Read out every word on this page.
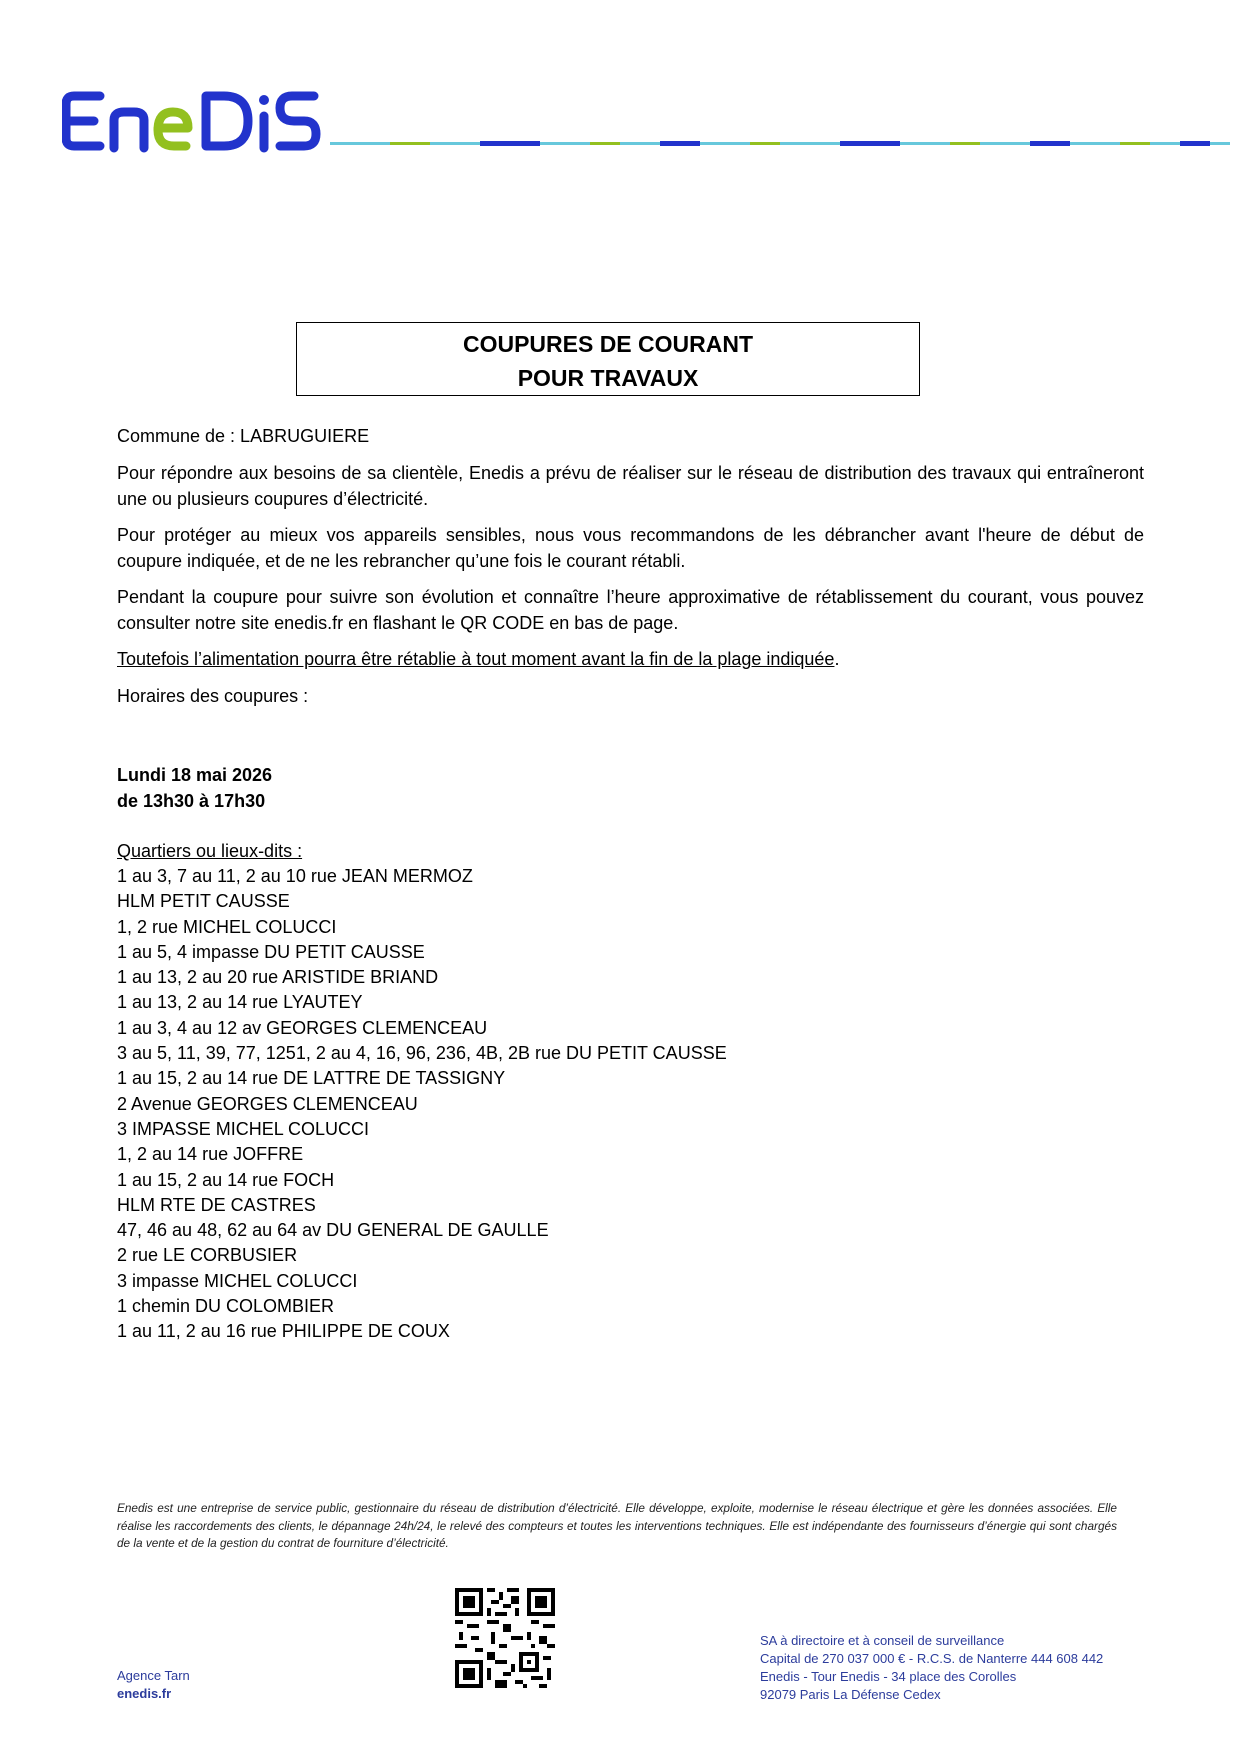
COUPURES DE COURANT
POUR TRAVAUX
Commune de : LABRUGUIERE
Pour répondre aux besoins de sa clientèle, Enedis a prévu de réaliser sur le réseau de distribution des travaux qui entraîneront une ou plusieurs coupures d’électricité.
Pour protéger au mieux vos appareils sensibles, nous vous recommandons de les débrancher avant l'heure de début de coupure indiquée, et de ne les rebrancher qu’une fois le courant rétabli.
Pendant la coupure pour suivre son évolution et connaître l’heure approximative de rétablissement du courant, vous pouvez consulter notre site enedis.fr en flashant le QR CODE en bas de page.
Toutefois l’alimentation pourra être rétablie à tout moment avant la fin de la plage indiquée.
Horaires des coupures :
Lundi 18 mai 2026
de 13h30 à 17h30
Quartiers ou lieux-dits :
1 au 3, 7 au 11, 2 au 10 rue JEAN MERMOZ
HLM PETIT CAUSSE
1, 2 rue MICHEL COLUCCI
1 au 5, 4 impasse DU PETIT CAUSSE
1 au 13, 2 au 20 rue ARISTIDE BRIAND
1 au 13, 2 au 14 rue LYAUTEY
1 au 3, 4 au 12 av GEORGES CLEMENCEAU
3 au 5, 11, 39, 77, 1251, 2 au 4, 16, 96, 236, 4B, 2B rue DU PETIT CAUSSE
1 au 15, 2 au 14 rue DE LATTRE DE TASSIGNY
2 Avenue GEORGES CLEMENCEAU
3 IMPASSE MICHEL COLUCCI
1, 2 au 14 rue JOFFRE
1 au 15, 2 au 14 rue FOCH
HLM RTE DE CASTRES
47, 46 au 48, 62 au 64 av DU GENERAL DE GAULLE
2 rue LE CORBUSIER
3 impasse MICHEL COLUCCI
1 chemin DU COLOMBIER
1 au 11, 2 au 16 rue PHILIPPE DE COUX
Enedis est une entreprise de service public, gestionnaire du réseau de distribution d’électricité. Elle développe, exploite, modernise le réseau électrique et gère les données associées. Elle réalise les raccordements des clients, le dépannage 24h/24, le relevé des compteurs et toutes les interventions techniques. Elle est indépendante des fournisseurs d’énergie qui sont chargés de la vente et de la gestion du contrat de fourniture d’électricité.
Agence Tarn
enedis.fr
SA à directoire et à conseil de surveillance
Capital de 270 037 000 € - R.C.S. de Nanterre 444 608 442
Enedis - Tour Enedis - 34 place des Corolles
92079 Paris La Défense Cedex
